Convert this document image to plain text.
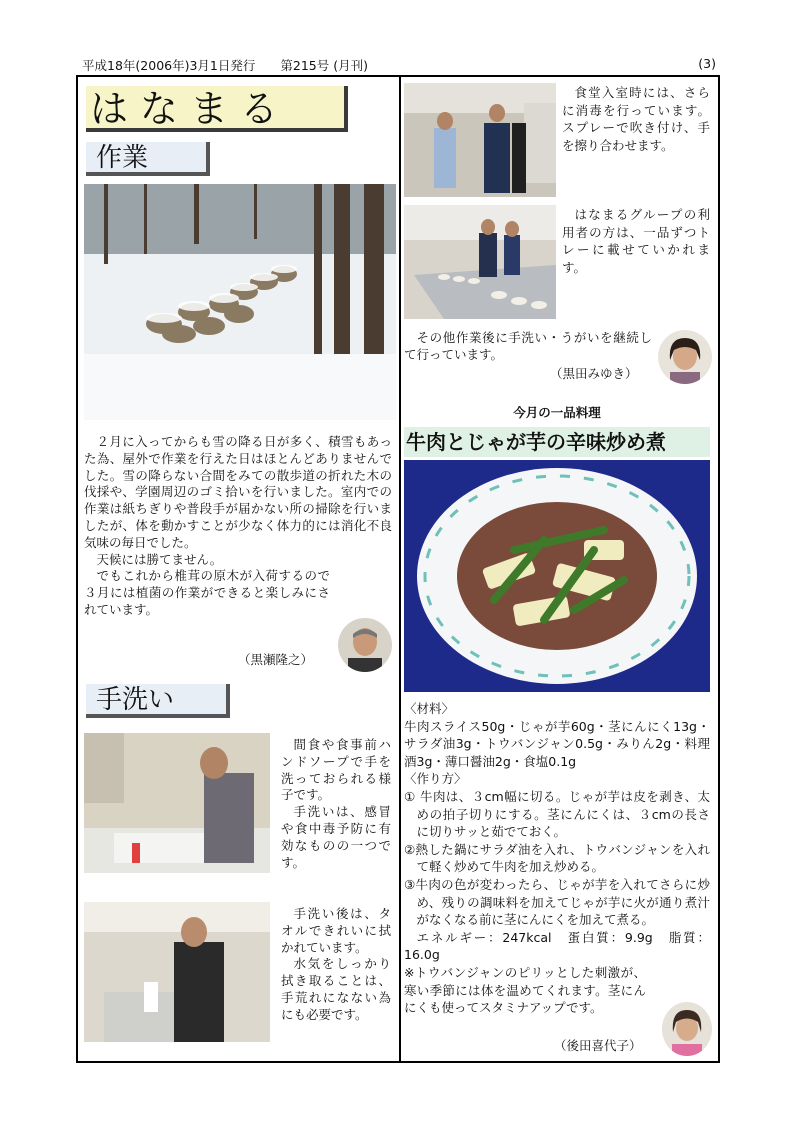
平成18年(2006年)3月1日発行　　第215号 (月刊)	(3)
はなまる
作業

２月に入ってからも雪の降る日が多く、積雪もあった為、屋外で作業を行えた日はほとんどありませんでした。雪の降らない合間をみての散歩道の折れた木の伐採や、学園周辺のゴミ拾いを行いました。室内での作業は紙ちぎりや普段手が届かない所の掃除を行いましたが、体を動かすことが少なく体力的には消化不良気味の毎日でした。

天候には勝てません。

でもこれから椎茸の原木が入荷するので３月には植菌の作業ができると楽しみにされています。

（黒瀬隆之）
手洗い

間食や食事前ハンドソープで手を洗っておられる様子です。

手洗いは、感冒や食中毒予防に有効なものの一つです。

手洗い後は、タオルできれいに拭かれています。

水気をしっかり拭き取ることは、手荒れになない為にも必要です。

食堂入室時には、さらに消毒を行っています。スプレーで吹き付け、手を擦り合わせます。

はなまるグループの利用者の方は、一品ずつトレーに載せていかれます。

その他作業後に手洗い・うがいを継続して行っています。

（黒田みゆき）
今月の一品料理
牛肉とじゃが芋の辛味炒め煮

〈材料〉

牛肉スライス50g・じゃが芋60g・茎にんにく13g・サラダ油3g・トウバンジャン0.5g・みりん2g・料理酒3g・薄口醤油2g・食塩0.1g

〈作り方〉

① 牛肉は、３cm幅に切る。じゃが芋は皮を剥き、太めの拍子切りにする。茎にんにくは、３cmの長さに切りサッと茹でておく。

②熱した鍋にサラダ油を入れ、トウバンジャンを入れて軽く炒めて牛肉を加え炒める。

③牛肉の色が変わったら、じゃが芋を入れてさらに炒め、残りの調味料を加えてじゃが芋に火が通り煮汁がなくなる前に茎にんにくを加えて煮る。

エネルギー：247kcal　蛋白質：9.9g　脂質：16.0g

※トウバンジャンのピリッとした刺激が、寒い季節には体を温めてくれます。茎にんにくも使ってスタミナアップです。

（後田喜代子）
